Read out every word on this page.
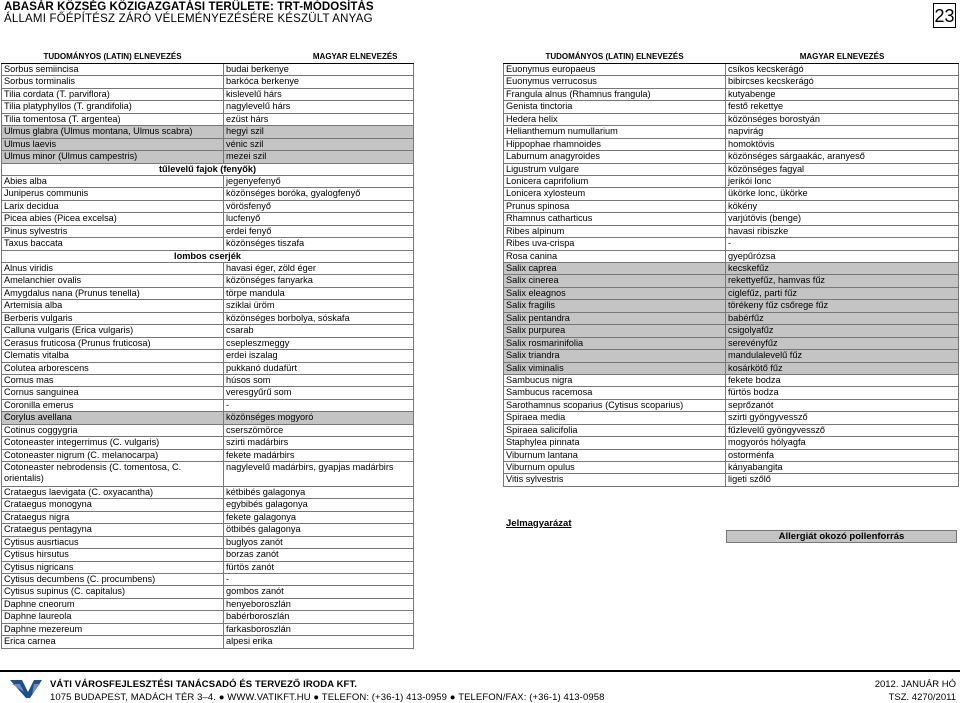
ABASÁR KÖZSÉG KÖZIGAZGATÁSI TERÜLETE: TRT-MÓDOSÍTÁS
ÁLLAMI FŐÉPÍTÉSZ ZÁRÓ VÉLEMÉNYEZÉSÉRE KÉSZÜLT ANYAG	23
TUDOMÁNYOS (LATIN) ELNEVEZÉS	MAGYAR ELNEVEZÉS
Sorbus semiincisa	budai berkenye
Sorbus torminalis	barkóca berkenye
Tilia cordata (T. parviflora)	kislevelű hárs
Tilia platyphyllos (T. grandifolia)	nagylevelű hárs
Tilia tomentosa (T. argentea)	ezüst hárs
Ulmus glabra (Ulmus montana, Ulmus scabra)	hegyi szil
Ulmus laevis	vénic szil
Ulmus minor (Ulmus campestris)	mezei szil
tűlevelű fajok (fenyők)	
Abies alba	jegenyefenyő
Juniperus communis	közönséges boróka, gyalogfenyő
Larix decidua	vörösfenyő
Picea abies (Picea excelsa)	lucfenyő
Pinus sylvestris	erdei fenyő
Taxus baccata	közönséges tiszafa
lombos cserjék	
Alnus viridis	havasi éger, zöld éger
Amelanchier ovalis	közönséges fanyarka
Amygdalus nana (Prunus tenella)	törpe mandula
Artemisia alba	sziklai üröm
Berberis vulgaris	közönséges borbolya, sóskafa
Calluna vulgaris (Erica vulgaris)	csarab
Cerasus fruticosa (Prunus fruticosa)	csepleszmeggy
Clematis vitalba	erdei iszalag
Colutea arborescens	pukkanó dudafürt
Cornus mas	húsos som
Cornus sanguinea	veresgyűrű som
Coronilla emerus	-
Corylus avellana	közönséges mogyoró
Cotinus coggygria	cserszömörce
Cotoneaster integerrimus (C. vulgaris)	szirti madárbirs
Cotoneaster nigrum (C. melanocarpa)	fekete madárbirs
Cotoneaster nebrodensis (C. tomentosa, C. orientalis)	nagylevelű madárbirs, gyapjas madárbirs
Crataegus laevigata (C. oxyacantha)	kétbibés galagonya
Crataegus monogyna	egybibés galagonya
Crataegus nigra	fekete galagonya
Crataegus pentagyna	ötbibés galagonya
Cytisus ausrtiacus	buglyos zanót
Cytisus hirsutus	borzas zanót
Cytisus nigricans	fürtös zanót
Cytisus decumbens (C. procumbens)	-
Cytisus supinus (C. capitalus)	gombos zanót
Daphne cneorum	henyeboroszlán
Daphne laureola	babérboroszlán
Daphne mezereum	farkasboroszlán
Erica carnea	alpesi erika
TUDOMÁNYOS (LATIN) ELNEVEZÉS	MAGYAR ELNEVEZÉS
Euonymus europaeus	csíkos kecskerágó
Euonymus verrucosus	bibircses kecskerágó
Frangula alnus (Rhamnus frangula)	kutyabenge
Genista tinctoria	festő rekettye
Hedera helix	közönséges borostyán
Helianthemum numullarium	napvirág
Hippophae rhamnoides	homoktövis
Laburnum anagyroides	közönséges sárgaakác, aranyeső
Ligustrum vulgare	közönséges fagyal
Lonicera caprifolium	jerikói lonc
Lonicera xylosteum	ükörke lonc, ükörke
Prunus spinosa	kökény
Rhamnus catharticus	varjútövis (benge)
Ribes alpinum	havasi ribiszke
Ribes uva-crispa	-
Rosa canina	gyepűrózsa
Salix caprea	kecskefűz
Salix cinerea	rekettyefűz, hamvas fűz
Salix eleagnos	ciglefűz, parti fűz
Salix fragilis	törékeny fűz csőrege fűz
Salix pentandra	babérfűz
Salix purpurea	csigolyafűz
Salix rosmarinifolia	serevényfűz
Salix triandra	mandulalevelű fűz
Salix viminalis	kosárkötő fűz
Sambucus nigra	fekete bodza
Sambucus racemosa	fürtös bodza
Sarothamnus scoparius (Cytisus scoparius)	seprőzanót
Spiraea media	szirti gyöngyvessző
Spiraea salicifolia	fűzlevelű gyöngyvessző
Staphylea pinnata	mogyorós hólyagfa
Viburnum lantana	ostorménfa
Viburnum opulus	kányabangita
Vitis sylvestris	ligeti szőlő
Jelmagyarázat
Allergiát okozó pollenforrás
VÁTI VÁROSFEJLESZTÉSI TANÁCSADÓ ÉS TERVEZŐ IRODA KFT.
1075 BUDAPEST, MADÁCH TÉR 3–4. ● WWW.VATIKFT.HU ● TELEFON: (+36-1) 413-0959 ● TELEFON/FAX: (+36-1) 413-0958
2012. JANUÁR HÓ
TSZ. 4270/2011
